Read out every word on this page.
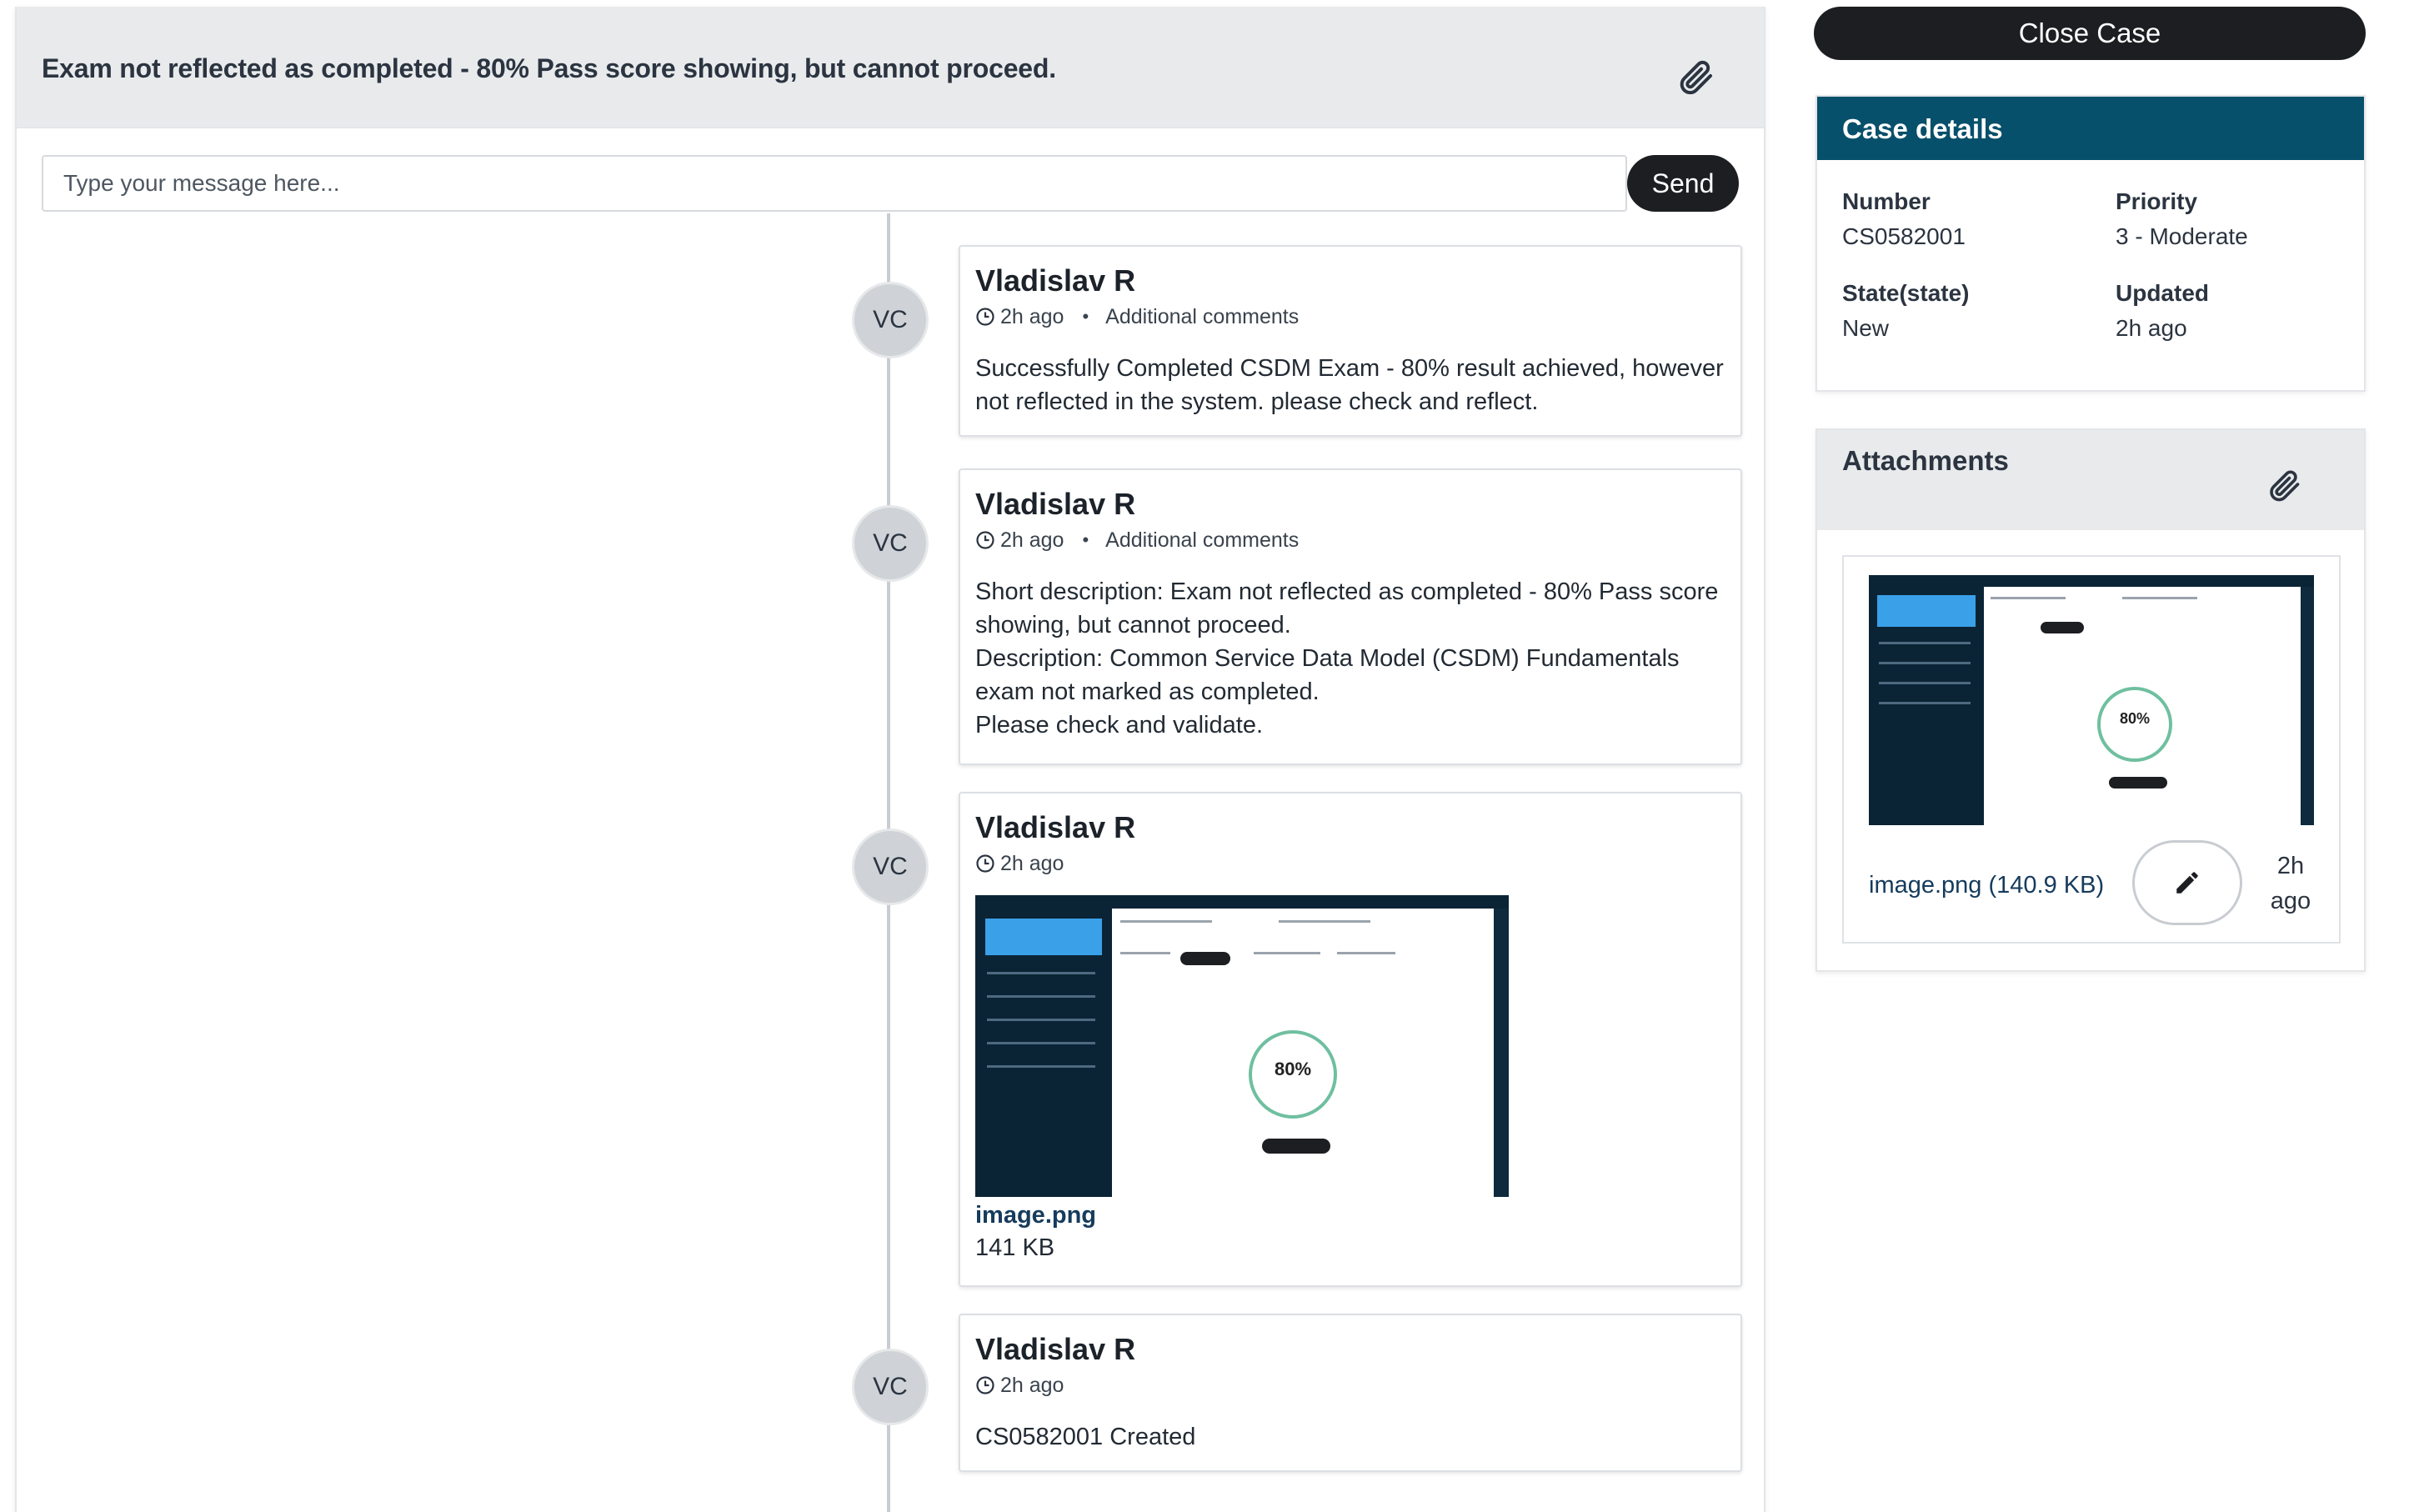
Exam not reflected as completed - 80% Pass score showing, but cannot proceed.
Type your message here...
Send
VC
Vladislav R
2h ago • Additional comments
Successfully Completed CSDM Exam - 80% result achieved, however
not reflected in the system. please check and reflect.
VC
Vladislav R
2h ago • Additional comments
Short description: Exam not reflected as completed - 80% Pass score
showing, but cannot proceed.
Description: Common Service Data Model (CSDM) Fundamentals
exam not marked as completed.
Please check and validate.
VC
Vladislav R
2h ago
80%
image.png
141 KB
VC
Vladislav R
2h ago
CS0582001 Created
Close Case
Case details
Number
CS0582001
Priority
3 - Moderate
State(state)
New
Updated
2h ago
Attachments
80%
image.png (140.9 KB)
2h
ago
